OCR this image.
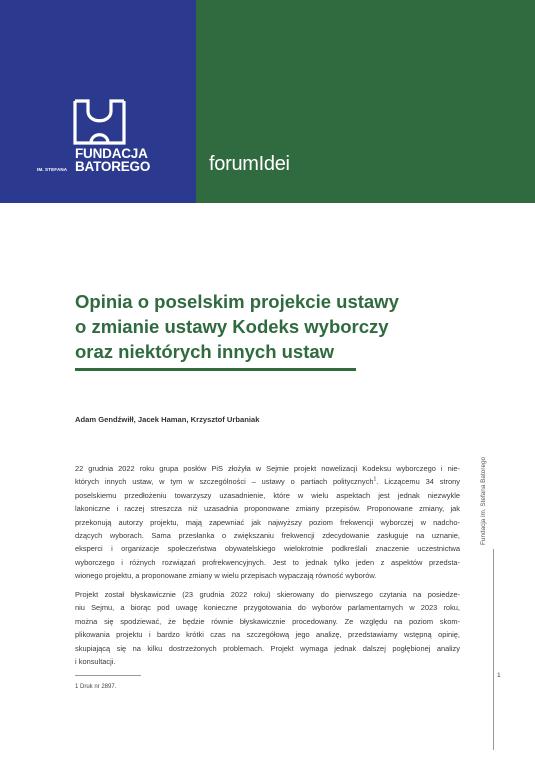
FUNDACJA
BATOREGO
IM. STEFANA	forumIdei
Opinia o poselskim projekcie ustawy
o zmianie ustawy Kodeks wyborczy
oraz niektórych innych ustaw
Adam Gendźwiłł, Jacek Haman, Krzysztof Urbaniak
22 grudnia 2022 roku grupa posłów PiS złożyła w Sejmie projekt nowelizacji Kodeksu wyborczego i nie-
których innych ustaw, w tym w szczególności – ustawy o partiach politycznych$^1$. Liczącemu 34 strony
poselskiemu przedłożeniu towarzyszy uzasadnienie, które w wielu aspektach jest jednak niezwykle
lakoniczne i raczej streszcza niż uzasadnia proponowane zmiany przepisów. Proponowane zmiany, jak
przekonują autorzy projektu, mają zapewniać jak najwyższy poziom frekwencji wyborczej w nadcho-
dzących wyborach. Sama przesłanka o zwiększaniu frekwencji zdecydowanie zasługuje na uznanie,
eksperci i organizacje społeczeństwa obywatelskiego wielokrotnie podkreślali znaczenie uczestnictwa
wyborczego i różnych rozwiązań profrekwencyjnych. Jest to jednak tylko jeden z aspektów przedsta-
wionego projektu, a proponowane zmiany w wielu przepisach wypaczają równość wyborów.
Projekt został błyskawicznie (23 grudnia 2022 roku) skierowany do pierwszego czytania na posiedze-
niu Sejmu, a biorąc pod uwagę konieczne przygotowania do wyborów parlamentarnych w 2023 roku,
można się spodziewać, że będzie równie błyskawicznie procedowany. Ze względu na poziom skom-
plikowania projektu i bardzo krótki czas na szczegółową jego analizę, przedstawiamy wstępną opinię,
skupiającą się na kilku dostrzeżonych problemach. Projekt wymaga jednak dalszej pogłębionej analizy
i konsultacji.
1 Druk nr 2897.
Fundacja im. Stefana Batorego
1
